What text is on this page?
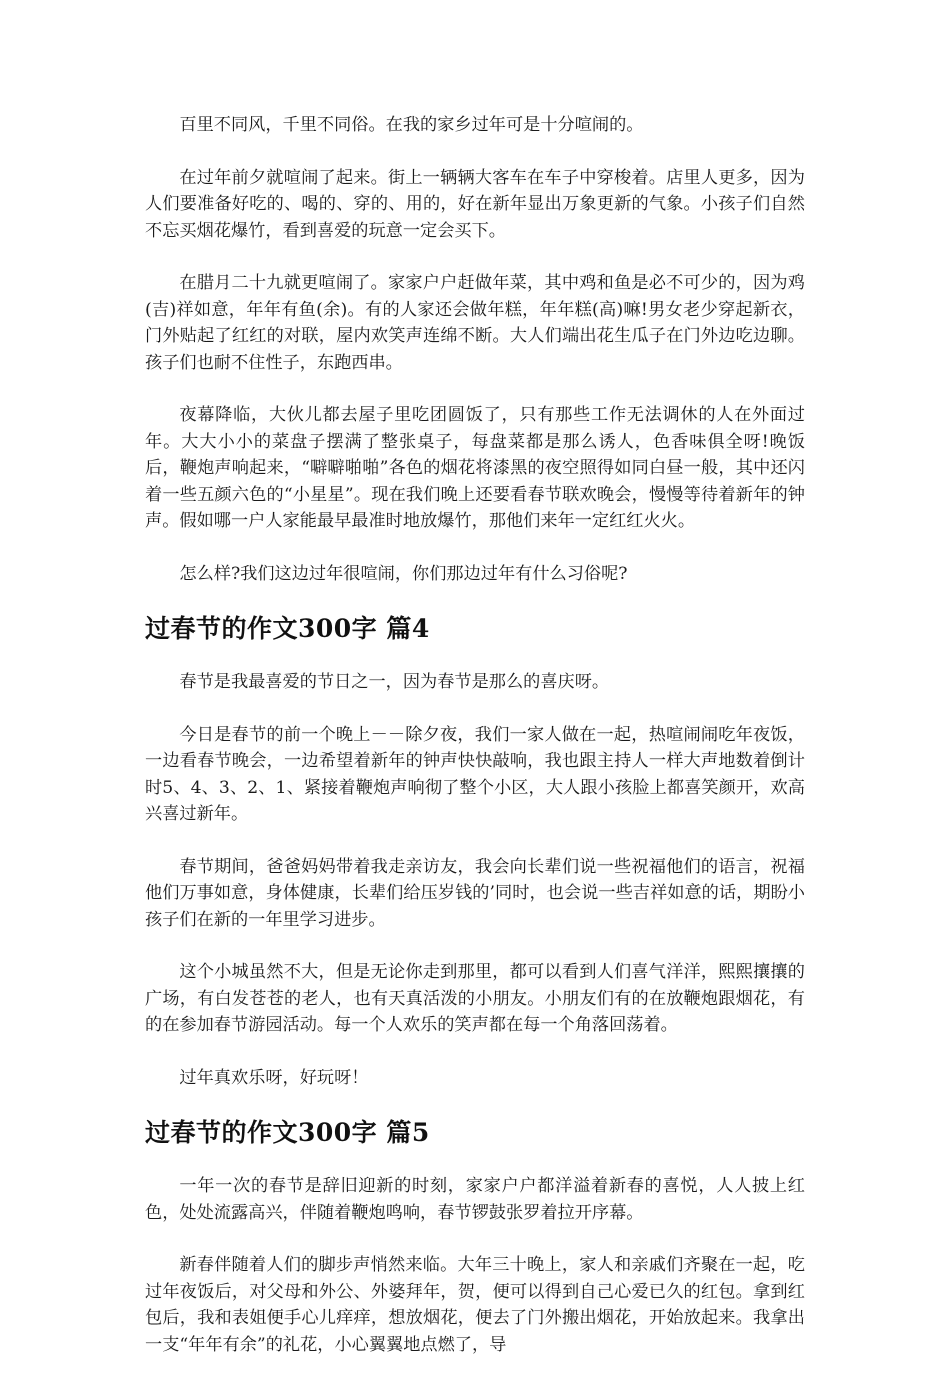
百里不同风，千里不同俗。在我的家乡过年可是十分喧闹的。

在过年前夕就喧闹了起来。街上一辆辆大客车在车子中穿梭着。店里人更多，因为人们要准备好吃的、喝的、穿的、用的，好在新年显出万象更新的气象。小孩子们自然不忘买烟花爆竹，看到喜爱的玩意一定会买下。

在腊月二十九就更喧闹了。家家户户赶做年菜，其中鸡和鱼是必不可少的，因为鸡(吉)祥如意，年年有鱼(余)。有的人家还会做年糕，年年糕(高)嘛!男女老少穿起新衣，门外贴起了红红的对联，屋内欢笑声连绵不断。大人们端出花生瓜子在门外边吃边聊。孩子们也耐不住性子，东跑西串。

夜幕降临，大伙儿都去屋子里吃团圆饭了，只有那些工作无法调休的人在外面过年。大大小小的菜盘子摆满了整张桌子，每盘菜都是那么诱人，色香味俱全呀!晚饭后，鞭炮声响起来，“噼噼啪啪”各色的烟花将漆黑的夜空照得如同白昼一般，其中还闪着一些五颜六色的“小星星”。现在我们晚上还要看春节联欢晚会，慢慢等待着新年的钟声。假如哪一户人家能最早最准时地放爆竹，那他们来年一定红红火火。

怎么样?我们这边过年很喧闹，你们那边过年有什么习俗呢?

过春节的作文300字 篇4

春节是我最喜爱的节日之一，因为春节是那么的喜庆呀。

今日是春节的前一个晚上－－除夕夜，我们一家人做在一起，热喧闹闹吃年夜饭，一边看春节晚会，一边希望着新年的钟声快快敲响，我也跟主持人一样大声地数着倒计时5、4、3、2、1、紧接着鞭炮声响彻了整个小区，大人跟小孩脸上都喜笑颜开，欢高兴喜过新年。

春节期间，爸爸妈妈带着我走亲访友，我会向长辈们说一些祝福他们的语言，祝福他们万事如意，身体健康，长辈们给压岁钱的’同时，也会说一些吉祥如意的话，期盼小孩子们在新的一年里学习进步。

这个小城虽然不大，但是无论你走到那里，都可以看到人们喜气洋洋，熙熙攘攘的广场，有白发苍苍的老人，也有天真活泼的小朋友。小朋友们有的在放鞭炮跟烟花，有的在参加春节游园活动。每一个人欢乐的笑声都在每一个角落回荡着。

过年真欢乐呀，好玩呀！

过春节的作文300字 篇5

一年一次的春节是辞旧迎新的时刻，家家户户都洋溢着新春的喜悦，人人披上红色，处处流露高兴，伴随着鞭炮鸣响，春节锣鼓张罗着拉开序幕。

新春伴随着人们的脚步声悄然来临。大年三十晚上，家人和亲戚们齐聚在一起，吃过年夜饭后，对父母和外公、外婆拜年，贺，便可以得到自己心爱已久的红包。拿到红包后，我和表姐便手心儿痒痒，想放烟花，便去了门外搬出烟花，开始放起来。我拿出一支“年年有余”的礼花，小心翼翼地点燃了，导
